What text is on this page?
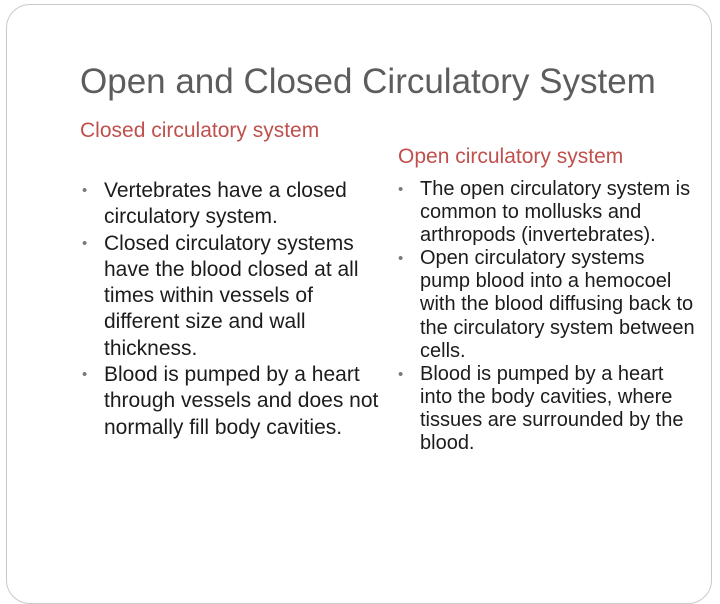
Open and Closed Circulatory System
Closed circulatory system
Open circulatory system
• Vertebrates have a closed circulatory system.
• Closed circulatory systems have the blood closed at all times within vessels of different size and wall thickness.
• Blood is pumped by a heart through vessels and does not normally fill body cavities.
• The open circulatory system is common to mollusks and arthropods (invertebrates).
• Open circulatory systems pump blood into a hemocoel with the blood diffusing back to the circulatory system between cells.
• Blood is pumped by a heart into the body cavities, where tissues are surrounded by the blood.
